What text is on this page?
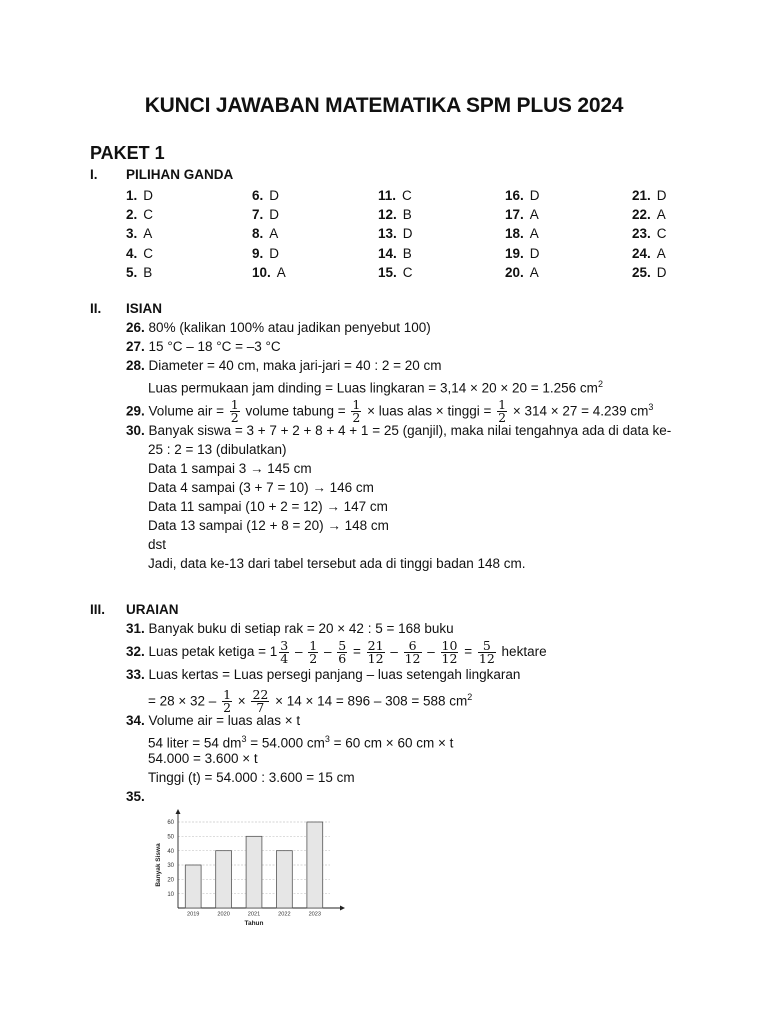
KUNCI JAWABAN MATEMATIKA SPM PLUS 2024
PAKET 1
I. PILIHAN GANDA
1. D
2. C
3. A
4. C
5. B
6. D
7. D
8. A
9. D
10. A
11. C
12. B
13. D
14. B
15. C
16. D
17. A
18. A
19. D
20. A
21. D
22. A
23. C
24. A
25. D
II. ISIAN
26. 80% (kalikan 100% atau jadikan penyebut 100)
27. 15 °C – 18 °C = –3 °C
28. Diameter = 40 cm, maka jari-jari = 40 : 2 = 20 cm
Luas permukaan jam dinding = Luas lingkaran = 3,14 × 20 × 20 = 1.256 $cm^2$
29. Volume air = $\frac{1}{2}$ volume tabung = $\frac{1}{2}$ × luas alas × tinggi = $\frac{1}{2} \times 314 \times 27 = 4.239$ $cm^3$
30. Banyak siswa = 3 + 7 + 2 + 8 + 4 + 1 = 25 (ganjil), maka nilai tengahnya ada di data ke-
25 : 2 = 13 (dibulatkan)
Data 1 sampai 3 → 145 cm
Data 4 sampai (3 + 7 = 10) → 146 cm
Data 11 sampai (10 + 2 = 12) → 147 cm
Data 13 sampai (12 + 8 = 20) → 148 cm
dst
Jadi, data ke-13 dari tabel tersebut ada di tinggi badan 148 cm.
III. URAIAN
31. Banyak buku di setiap rak = 20 × 42 : 5 = 168 buku
32. Luas petak ketiga = $1 \frac{3}{4} - \frac{1}{2} - \frac{5}{6} = \frac{21}{12} - \frac{6}{12} - \frac{10}{12} = \frac{5}{12}$ hektare
33. Luas kertas = Luas persegi panjang – luas setengah lingkaran
= $28 \times 32 - \frac{1}{2} \times \frac{22}{7} \times 14 \times 14 = 896 - 308 = 588$ $cm^2$
34. Volume air = luas alas × t
54 liter = 54 $dm^3 = 54.000$ $cm^3 = 60$ cm × 60 cm × t
54.000 = 3.600 × t
Tinggi (t) = 54.000 : 3.600 = 15 cm
35.
10
20
30
40
50
60
2019	2020	2021	2022	2023
Tahun
Banyak Siswa
